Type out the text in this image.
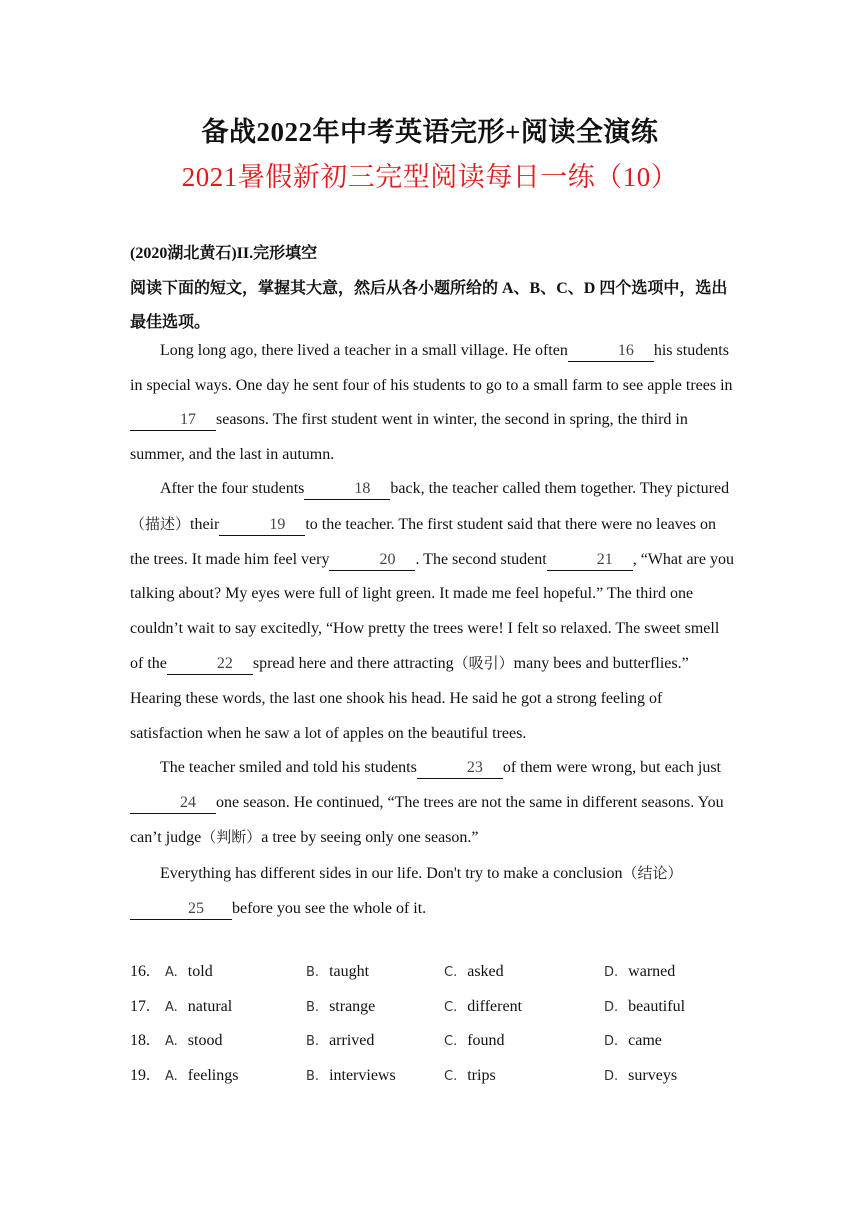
备战2022年中考英语完形+阅读全演练
2021暑假新初三完型阅读每日一练（10）
(2020湖北黄石)II.完形填空
阅读下面的短文，掌握其大意，然后从各小题所给的 A、B、C、D 四个选项中，选出最佳选项。

Long long ago, there lived a teacher in a small village. He often	16 his students in special ways. One day he sent four of his students to go to a small farm to see apple trees in 17 seasons. The first student went in winter, the second in spring, the third in summer, and the last in autumn.

After the four students	18 back, the teacher called them together. They pictured （描述）their	19 to the teacher. The first student said that there were no leaves on the trees. It made him feel very	20 . The second student	21 , “What are you talking about? My eyes were full of light green. It made me feel hopeful.” The third one couldn’t wait to say excitedly, “How pretty the trees were! I felt so relaxed. The sweet smell of the	22 spread here and there attracting（吸引）many bees and butterflies.” Hearing these words, the last one shook his head. He said he got a strong feeling of satisfaction when he saw a lot of apples on the beautiful trees.

The teacher smiled and told his students	23 of them were wrong, but each just24 one season. He continued, “The trees are not the same in different seasons. You can’t judge（判断）a tree by seeing only one season.”

Everything has different sides in our life. Don't try to make a conclusion（结论） 25 before you see the whole of it.

16. A. told	B. taught	C. asked	D. warned
17. A. natural	B. strange	C. different	D. beautiful
18. A. stood	B. arrived	C. found	D. came
19. A. feelings	B. interviews	C. trips	D. surveys
